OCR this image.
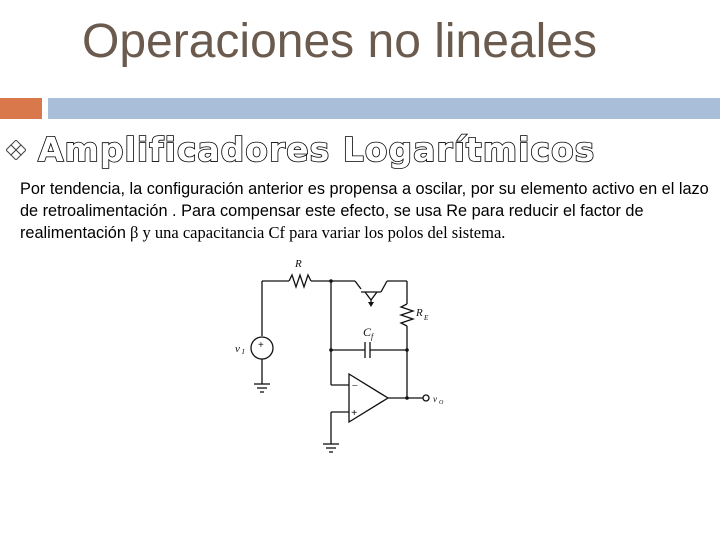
Operaciones no lineales
Amplificadores Logarítmicos
Por tendencia, la configuración anterior es propensa a oscilar, por su elemento activo en el lazo de retroalimentación . Para compensar este efecto, se usa Re para reducir el factor de realimentación β y una capacitancia Cf para variar los polos del sistema.
R
R E
C f
v I
v O
+
−
+
